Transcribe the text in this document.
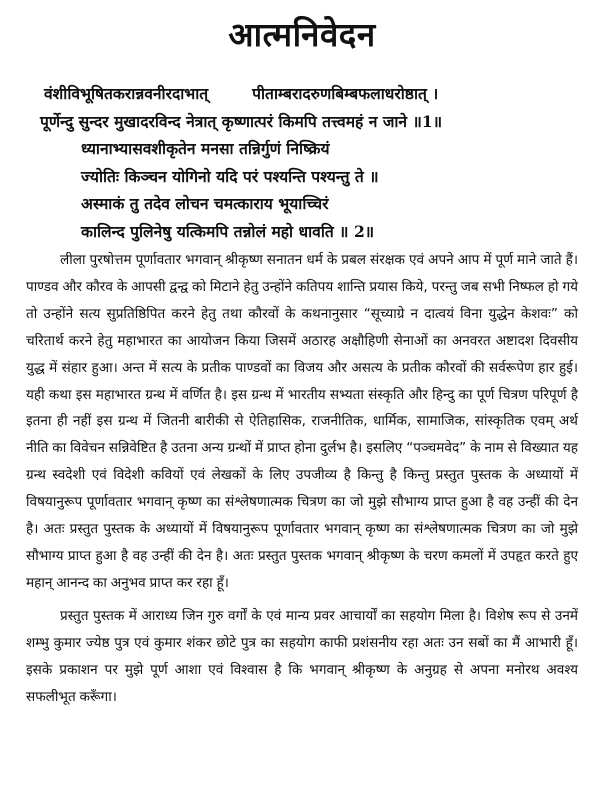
आत्मनिवेदन
वंशीविभूषितकरान्नवनीरदाभात्	पीताम्बरादरुणबिम्बफलाधरोष्ठात् ।
पूर्णेन्दु सुन्दर मुखादरविन्द नेत्रात् कृष्णात्परं किमपि तत्त्वमहं न जाने ॥1॥
ध्यानाभ्यासवशीकृतेन मनसा तन्निर्गुणं निष्क्रियं
ज्योतिः किञ्चन योगिनो यदि परं पश्यन्ति पश्यन्तु ते ॥
अस्माकं तु तदेव लोचन चमत्काराय भूयाच्चिरं
कालिन्द पुलिनेषु यत्किमपि तन्नोलं महो धावति ॥ 2॥

लीला पुरषोत्तम पूर्णावतार भगवान् श्रीकृष्ण सनातन धर्म के प्रबल संरक्षक एवं अपने आप में पूर्ण माने जाते हैं। पाण्डव और कौरव के आपसी द्वन्द्व को मिटाने हेतु उन्होंने कतिपय शान्ति प्रयास किये, परन्तु जब सभी निष्फल हो गये तो उन्होंने सत्य सुप्रतिष्ठिपित करने हेतु तथा कौरवों के कथनानुसार “सूच्याग्रे न दात्वयं विना युद्धेन केशवः” को चरितार्थ करने हेतु महाभारत का आयोजन किया जिसमें अठारह अक्षौहिणी सेनाओं का अनवरत अष्टादश दिवसीय युद्ध में संहार हुआ। अन्त में सत्य के प्रतीक पाण्डवों का विजय और असत्य के प्रतीक कौरवों की सर्वरूपेण हार हुई। यही कथा इस महाभारत ग्रन्थ में वर्णित है। इस ग्रन्थ में भारतीय सभ्यता संस्कृति और हिन्दु का पूर्ण चित्रण परिपूर्ण है इतना ही नहीं इस ग्रन्थ में जितनी बारीकी से ऐतिहासिक, राजनीतिक, धार्मिक, सामाजिक, सांस्कृतिक एवम् अर्थ नीति का विवेचन सन्निवेष्टित है उतना अन्य ग्रन्थों में प्राप्त होना दुर्लभ है। इसलिए “पञ्चमवेद” के नाम से विख्यात यह ग्रन्थ स्वदेशी एवं विदेशी कवियों एवं लेखकों के लिए उपजीव्य है किन्तु है किन्तु प्रस्तुत पुस्तक के अध्यायों में विषयानुरूप पूर्णावतार भगवान् कृष्ण का संश्लेषणात्मक चित्रण का जो मुझे सौभाग्य प्राप्त हुआ है वह उन्हीं की देन है। अतः प्रस्तुत पुस्तक के अध्यायों में विषयानुरूप पूर्णावतार भगवान् कृष्ण का संश्लेषणात्मक चित्रण का जो मुझे सौभाग्य प्राप्त हुआ है वह उन्हीं की देन है। अतः प्रस्तुत पुस्तक भगवान् श्रीकृष्ण के चरण कमलों में उपहृत करते हुए महान् आनन्द का अनुभव प्राप्त कर रहा हूँ।

प्रस्तुत पुस्तक में आराध्य जिन गुरु वर्गों के एवं मान्य प्रवर आचार्यों का सहयोग मिला है। विशेष रूप से उनमें शम्भु कुमार ज्येष्ठ पुत्र एवं कुमार शंकर छोटे पुत्र का सहयोग काफी प्रशंसनीय रहा अतः उन सबों का मैं आभारी हूँ। इसके प्रकाशन पर मुझे पूर्ण आशा एवं विश्वास है कि भगवान् श्रीकृष्ण के अनुग्रह से अपना मनोरथ अवश्य सफलीभूत करूँगा।
